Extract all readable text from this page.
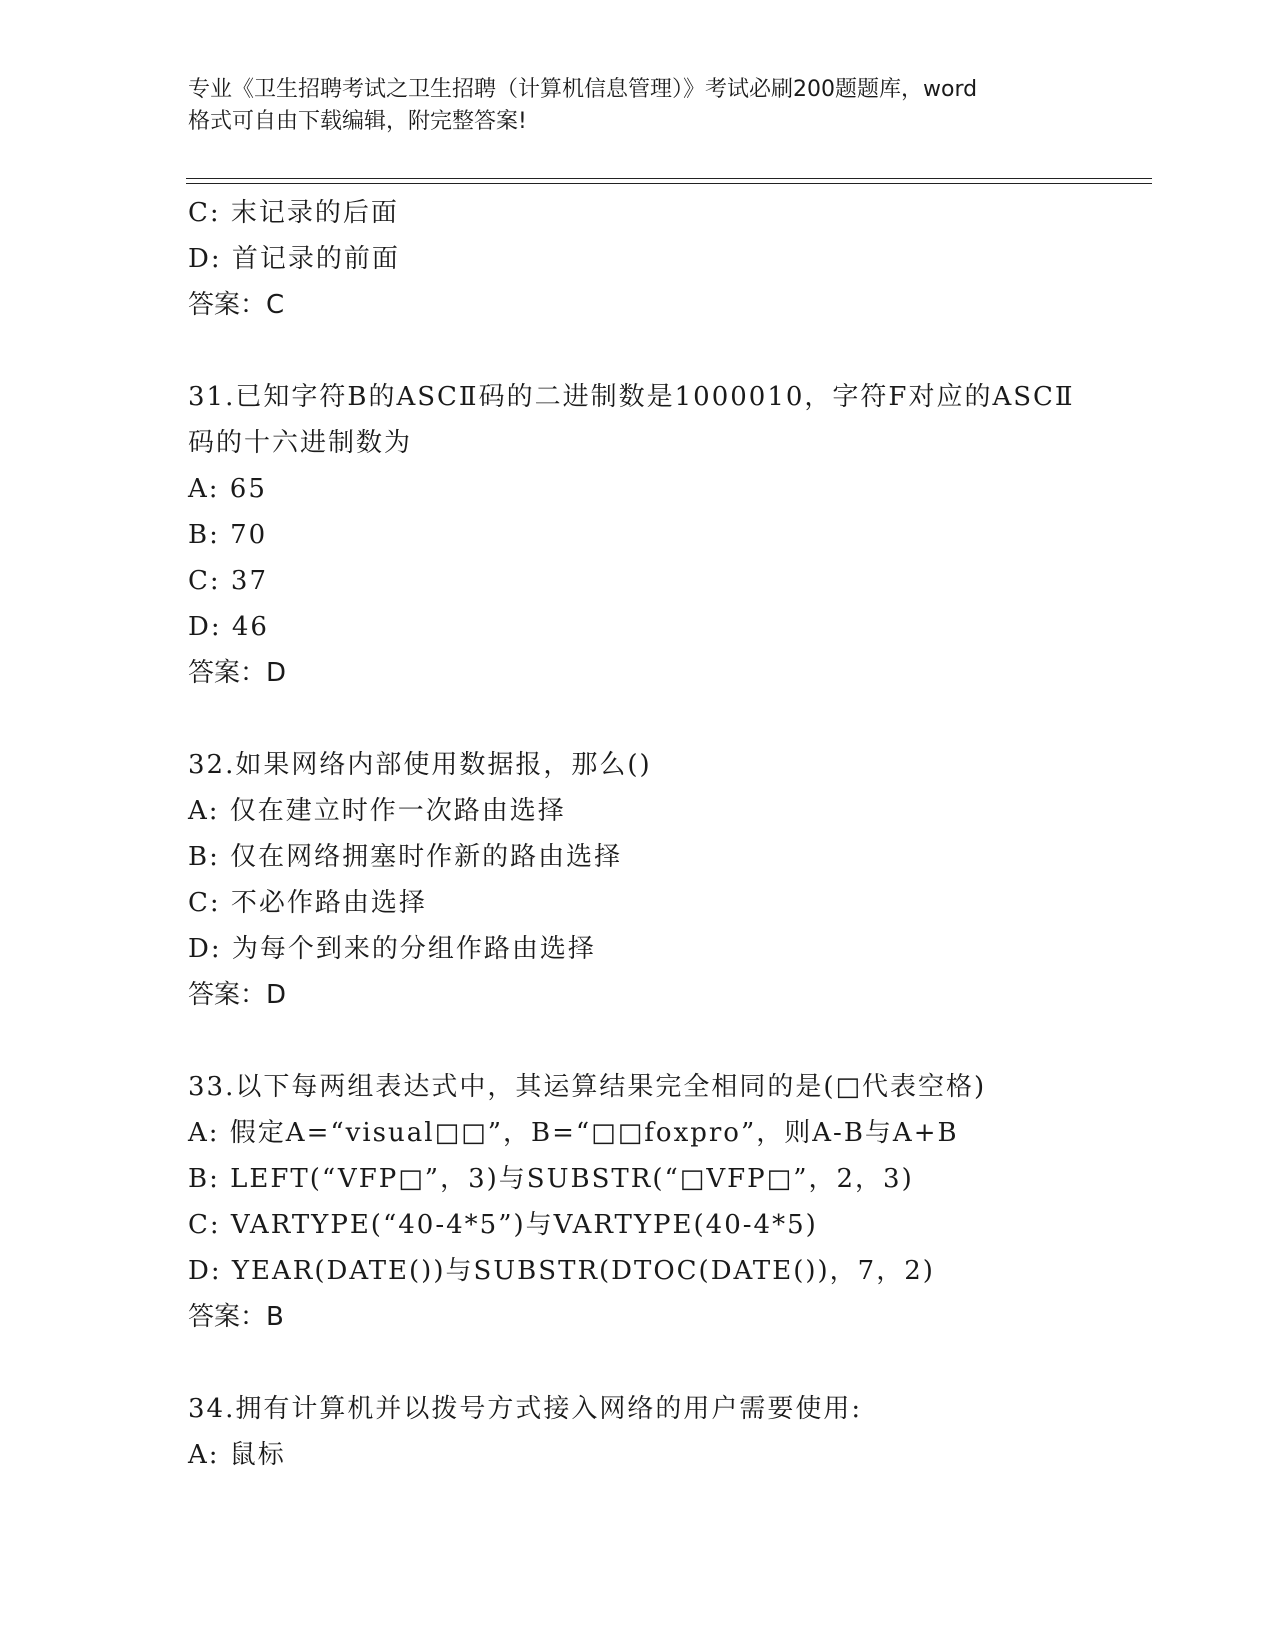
专业《卫生招聘考试之卫生招聘（计算机信息管理）》考试必刷200题题库，word
格式可自由下载编辑，附完整答案!
C: 末记录的后面
D: 首记录的前面
答案：C
31.已知字符B的ASCⅡ码的二进制数是1000010，字符F对应的ASCⅡ
码的十六进制数为
A: 65
B: 70
C: 37
D: 46
答案：D
32.如果网络内部使用数据报，那么()
A: 仅在建立时作一次路由选择
B: 仅在网络拥塞时作新的路由选择
C: 不必作路由选择
D: 为每个到来的分组作路由选择
答案：D
33.以下每两组表达式中，其运算结果完全相同的是(□代表空格)
A: 假定A=“visual□□”，B=“□□foxpro”，则A-B与A+B
B: LEFT(“VFP□”，3)与SUBSTR(“□VFP□”，2，3)
C: VARTYPE(“40-4*5”)与VARTYPE(40-4*5)
D: YEAR(DATE())与SUBSTR(DTOC(DATE())，7，2)
答案：B
34.拥有计算机并以拨号方式接入网络的用户需要使用:
A: 鼠标
